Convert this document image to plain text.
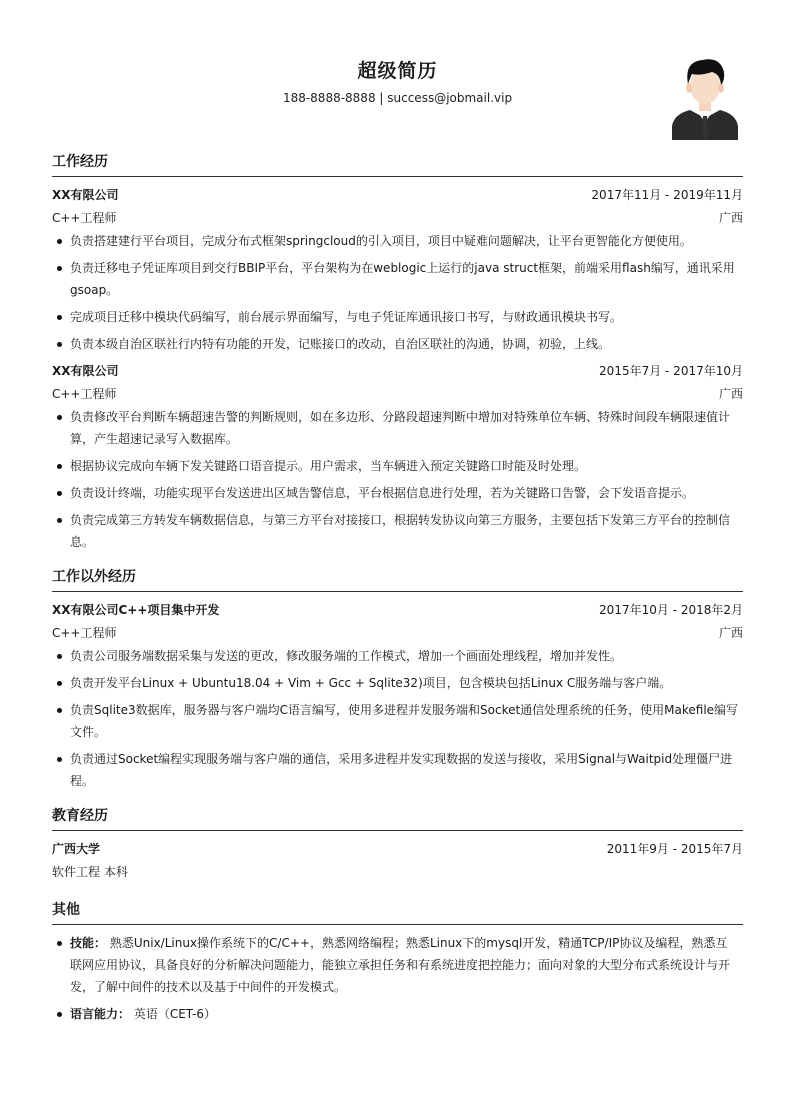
超级简历
188-8888-8888 | success@jobmail.vip
工作经历
XX有限公司	2017年11月 - 2019年11月
C++工程师	广西
负责搭建建行平台项目，完成分布式框架springcloud的引入项目，项目中疑难问题解决，让平台更智能化方便使用。
负责迁移电子凭证库项目到交行BBIP平台，平台架构为在weblogic上运行的java struct框架，前端采用flash编写，通讯采用gsoap。
完成项目迁移中模块代码编写，前台展示界面编写，与电子凭证库通讯接口书写，与财政通讯模块书写。
负责本级自治区联社行内特有功能的开发，记账接口的改动，自治区联社的沟通，协调，初验，上线。
XX有限公司	2015年7月 - 2017年10月
C++工程师	广西
负责修改平台判断车辆超速告警的判断规则，如在多边形、分路段超速判断中增加对特殊单位车辆、特殊时间段车辆限速值计算，产生超速记录写入数据库。
根据协议完成向车辆下发关键路口语音提示。用户需求，当车辆进入预定关键路口时能及时处理。
负责设计终端，功能实现平台发送进出区域告警信息，平台根据信息进行处理，若为关键路口告警，会下发语音提示。
负责完成第三方转发车辆数据信息，与第三方平台对接接口，根据转发协议向第三方服务，主要包括下发第三方平台的控制信息。
工作以外经历
XX有限公司C++项目集中开发	2017年10月 - 2018年2月
C++工程师	广西
负责公司服务端数据采集与发送的更改，修改服务端的工作模式，增加一个画面处理线程，增加并发性。
负责开发平台Linux + Ubuntu18.04 + Vim + Gcc + Sqlite32)项目，包含模块包括Linux C服务端与客户端。
负责Sqlite3数据库，服务器与客户端均C语言编写，使用多进程并发服务端和Socket通信处理系统的任务，使用Makefile编写文件。
负责通过Socket编程实现服务端与客户端的通信，采用多进程并发实现数据的发送与接收，采用Signal与Waitpid处理僵尸进程。
教育经历
广西大学	2011年9月 - 2015年7月
软件工程 本科
其他
技能： 熟悉Unix/Linux操作系统下的C/C++，熟悉网络编程；熟悉Linux下的mysql开发，精通TCP/IP协议及编程，熟悉互联网应用协议，具备良好的分析解决问题能力，能独立承担任务和有系统进度把控能力；面向对象的大型分布式系统设计与开发，了解中间件的技术以及基于中间件的开发模式。
语言能力： 英语（CET-6）
